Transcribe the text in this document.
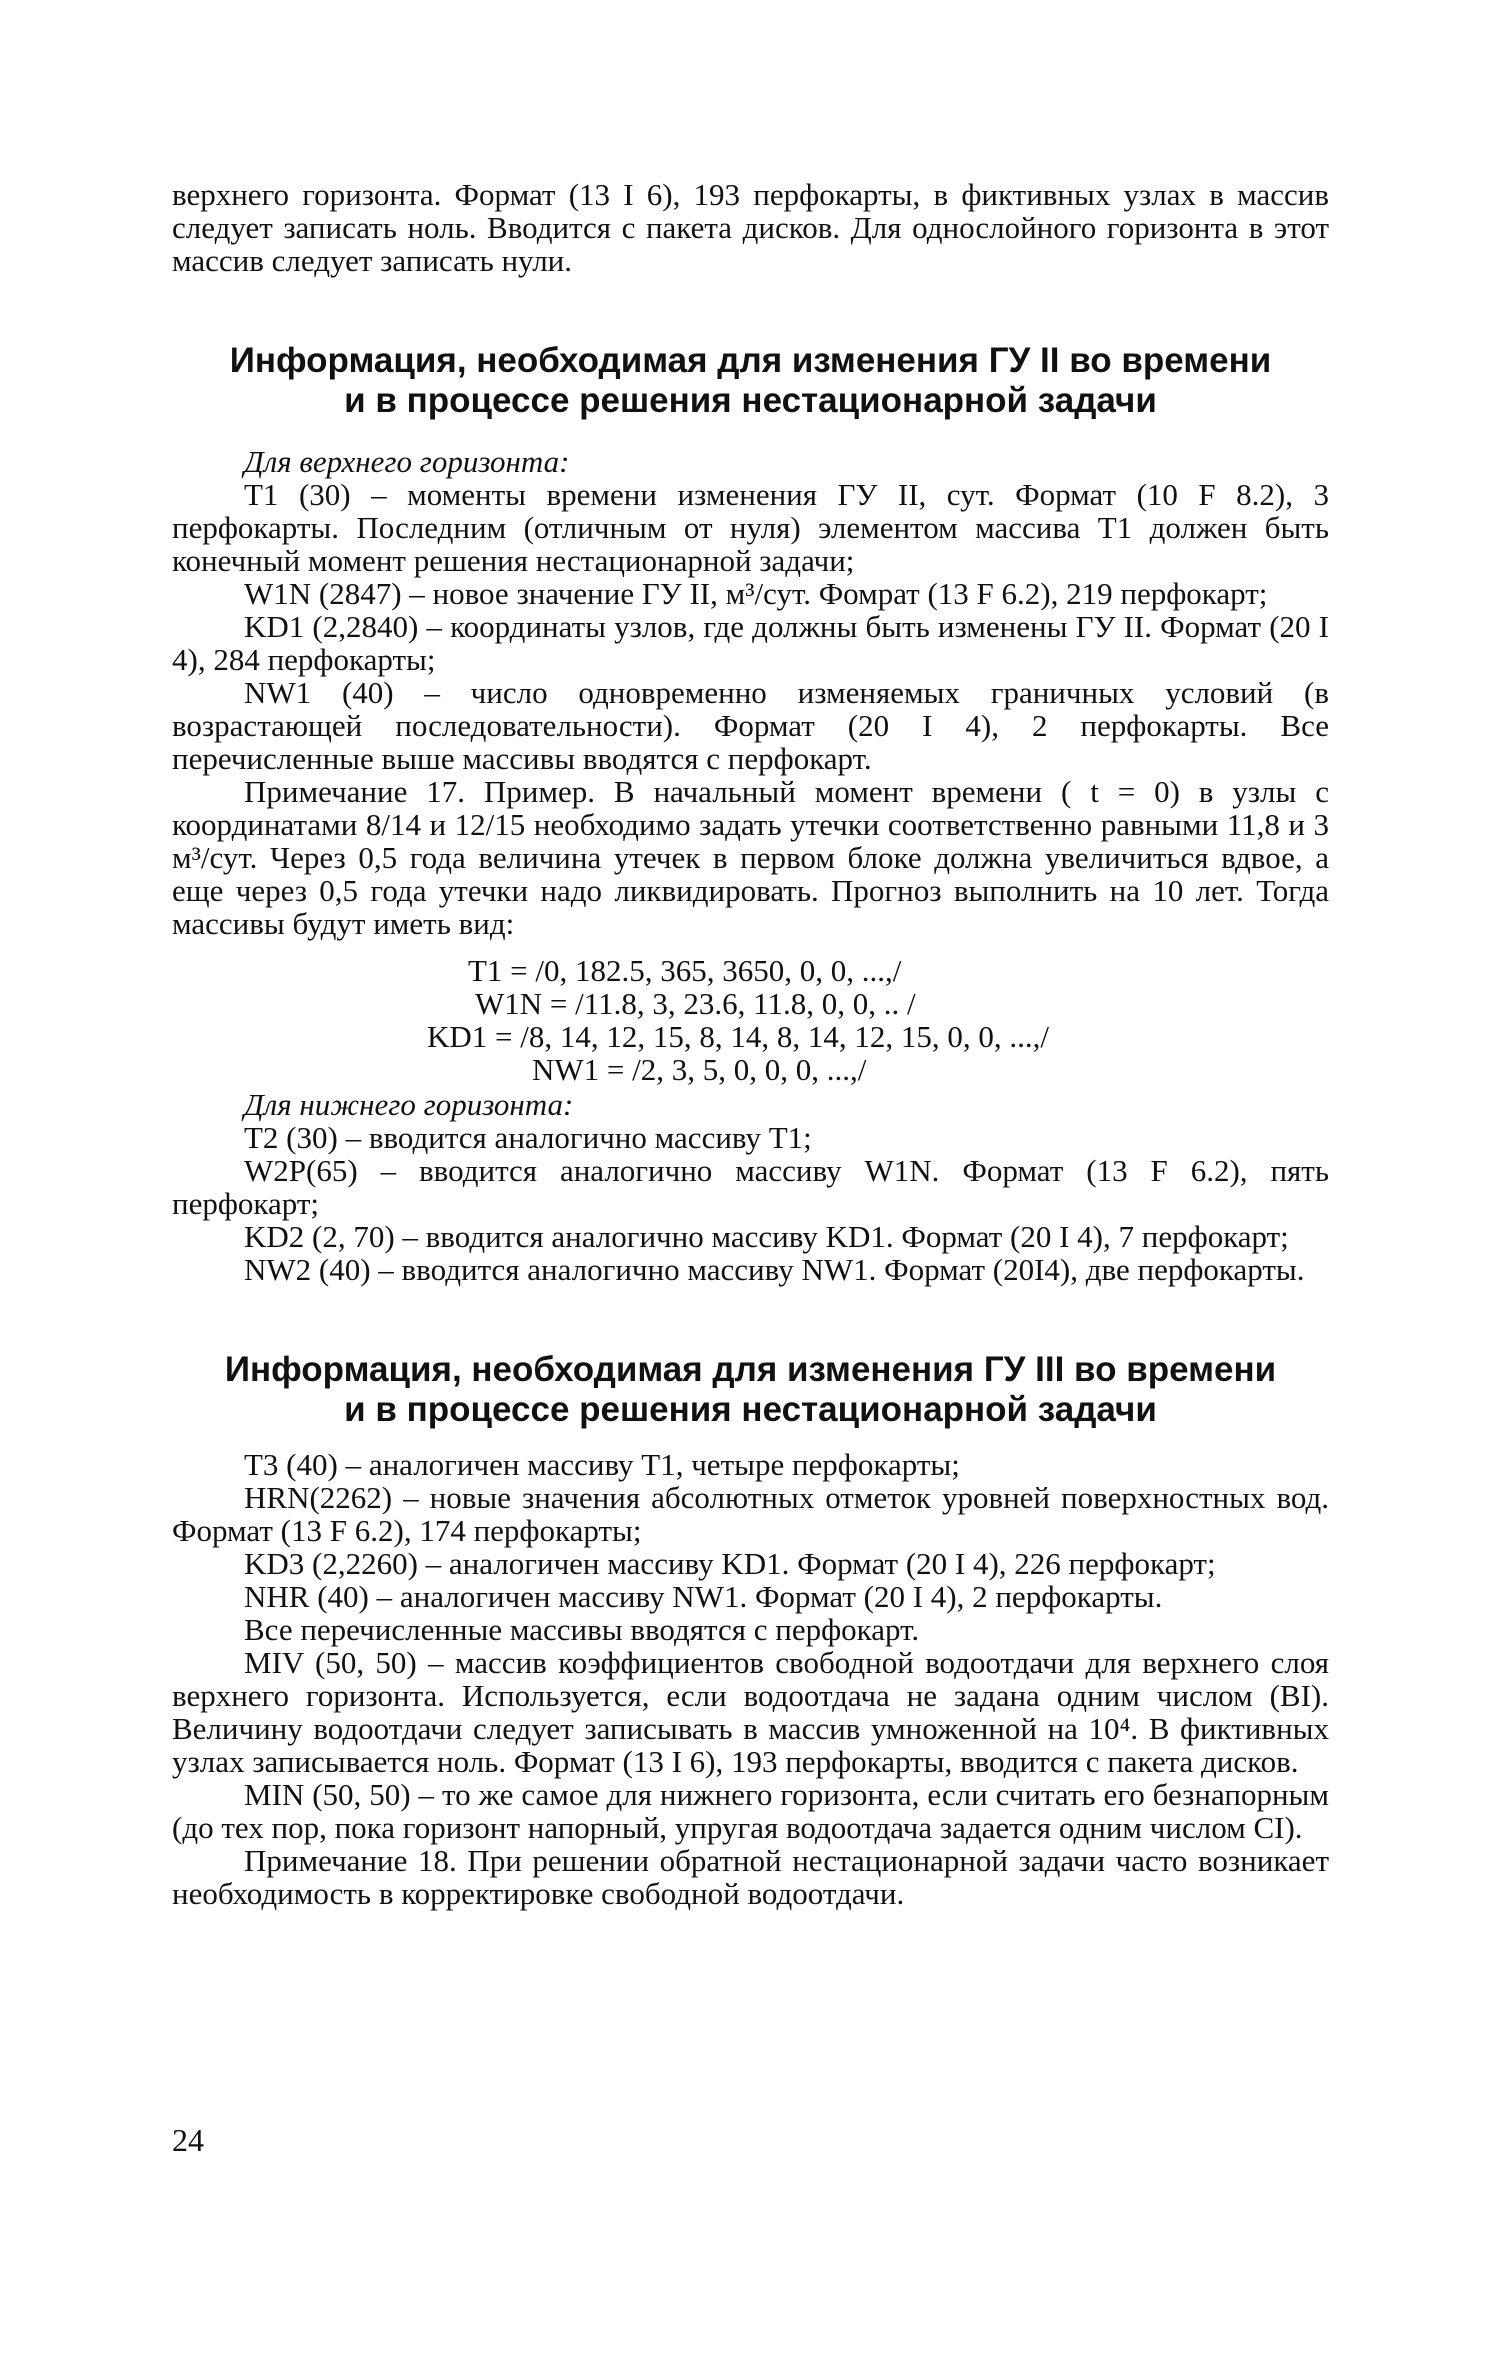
верхнего горизонта. Формат (13 I 6), 193 перфокарты, в фиктивных узлах в массив следует записать ноль. Вводится с пакета дисков. Для однослойного горизонта в этот массив следует записать нули.

Информация, необходимая для изменения ГУ II во времени
и в процессе решения нестационарной задачи

Для верхнего горизонта:

T1 (30) – моменты времени изменения ГУ II, сут. Формат (10 F 8.2), 3 перфокарты. Последним (отличным от нуля) элементом массива T1 должен быть конечный момент решения нестационарной задачи;

W1N (2847) – новое значение ГУ II, м³/сут. Фомрат (13 F 6.2), 219 перфокарт;

KD1 (2,2840) – координаты узлов, где должны быть изменены ГУ II. Формат (20 I 4), 284 перфокарты;

NW1 (40) – число одновременно изменяемых граничных условий (в возрастающей последовательности). Формат (20 I 4), 2 перфокарты. Все перечисленные выше массивы вводятся с перфокарт.

Примечание 17. Пример. В начальный момент времени ( t = 0) в узлы с координатами 8/14 и 12/15 необходимо задать утечки соответственно равными 11,8 и 3 м³/сут. Через 0,5 года величина утечек в первом блоке должна увеличиться вдвое, а еще через 0,5 года утечки надо ликвидировать. Прогноз выполнить на 10 лет. Тогда массивы будут иметь вид:

T1 = /0, 182.5, 365, 3650, 0, 0, ...,/
W1N = /11.8, 3, 23.6, 11.8, 0, 0, .. /
KD1 = /8, 14, 12, 15, 8, 14, 8, 14, 12, 15, 0, 0, ...,/
NW1 = /2, 3, 5, 0, 0, 0, ...,/

Для нижнего горизонта:

T2 (30) – вводится аналогично массиву T1;

W2P(65) – вводится аналогично массиву W1N. Формат (13 F 6.2), пять перфокарт;

KD2 (2, 70) – вводится аналогично массиву KD1. Формат (20 I 4), 7 перфокарт;

NW2 (40) – вводится аналогично массиву NW1. Формат (20I4), две перфокарты.

Информация, необходимая для изменения ГУ III во времени
и в процессе решения нестационарной задачи

T3 (40) – аналогичен массиву T1, четыре перфокарты;

HRN(2262) – новые значения абсолютных отметок уровней поверхностных вод. Формат (13 F 6.2), 174 перфокарты;

KD3 (2,2260) – аналогичен массиву KD1. Формат (20 I 4), 226 перфокарт;

NHR (40) – аналогичен массиву NW1. Формат (20 I 4), 2 перфокарты.

Все перечисленные массивы вводятся с перфокарт.

MIV (50, 50) – массив коэффициентов свободной водоотдачи для верхнего слоя верхнего горизонта. Используется, если водоотдача не задана одним числом (BI). Величину водоотдачи следует записывать в массив умноженной на 10⁴. В фиктивных узлах записывается ноль. Формат (13 I 6), 193 перфокарты, вводится с пакета дисков.

MIN (50, 50) – то же самое для нижнего горизонта, если считать его безнапорным (до тех пор, пока горизонт напорный, упругая водоотдача задается одним числом CI).

Примечание 18. При решении обратной нестационарной задачи часто возникает необходимость в корректировке свободной водоотдачи.

24
